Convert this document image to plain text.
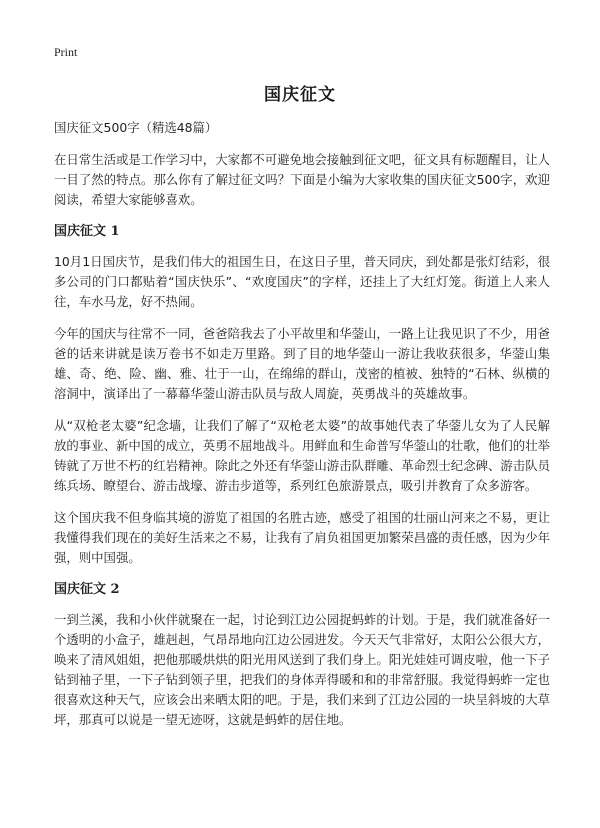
Print
国庆征文

国庆征文500字（精选48篇）

在日常生活或是工作学习中，大家都不可避免地会接触到征文吧，征文具有标题醒目，让人一目了然的特点。那么你有了解过征文吗？下面是小编为大家收集的国庆征文500字，欢迎阅读，希望大家能够喜欢。

国庆征文 1

10月1日国庆节，是我们伟大的祖国生日，在这日子里，普天同庆，到处都是张灯结彩，很多公司的门口都贴着“国庆快乐”、“欢度国庆”的字样，还挂上了大红灯笼。街道上人来人往，车水马龙，好不热闹。

今年的国庆与往常不一同，爸爸陪我去了小平故里和华蓥山，一路上让我见识了不少，用爸爸的话来讲就是读万卷书不如走万里路。到了目的地华蓥山一游让我收获很多，华蓥山集雄、奇、绝、险、幽、雅、壮于一山，在绵绵的群山，茂密的植被、独特的“石林、纵横的溶洞中，演译出了一幕幕华蓥山游击队员与敌人周旋，英勇战斗的英雄故事。

从“双枪老太婆”纪念墙，让我们了解了“双枪老太婆”的故事她代表了华蓥儿女为了人民解放的事业、新中国的成立，英勇不屈地战斗。用鲜血和生命普写华蓥山的壮歌，他们的壮举铸就了万世不朽的红岩精神。除此之外还有华蓥山游击队群雕、革命烈士纪念碑、游击队员练兵场、瞭望台、游击战壕、游击步道等，系列红色旅游景点，吸引并教育了众多游客。

这个国庆我不但身临其境的游览了祖国的名胜古迹，感受了祖国的壮丽山河来之不易，更让我懂得我们现在的美好生活来之不易，让我有了肩负祖国更加繁荣昌盛的责任感，因为少年强，则中国强。

国庆征文 2

一到兰溪，我和小伙伴就聚在一起，讨论到江边公园捉蚂蚱的计划。于是，我们就准备好一个透明的小盒子，雄赳赳，气昂昂地向江边公园进发。今天天气非常好，太阳公公很大方，唤来了清风姐姐，把他那暖烘烘的阳光用风送到了我们身上。阳光娃娃可调皮啦，他一下子钻到袖子里，一下子钻到领子里，把我们的身体弄得暖和和的非常舒服。我觉得蚂蚱一定也很喜欢这种天气，应该会出来晒太阳的吧。于是，我们来到了江边公园的一块呈斜坡的大草坪，那真可以说是一望无迹呀，这就是蚂蚱的居住地。
